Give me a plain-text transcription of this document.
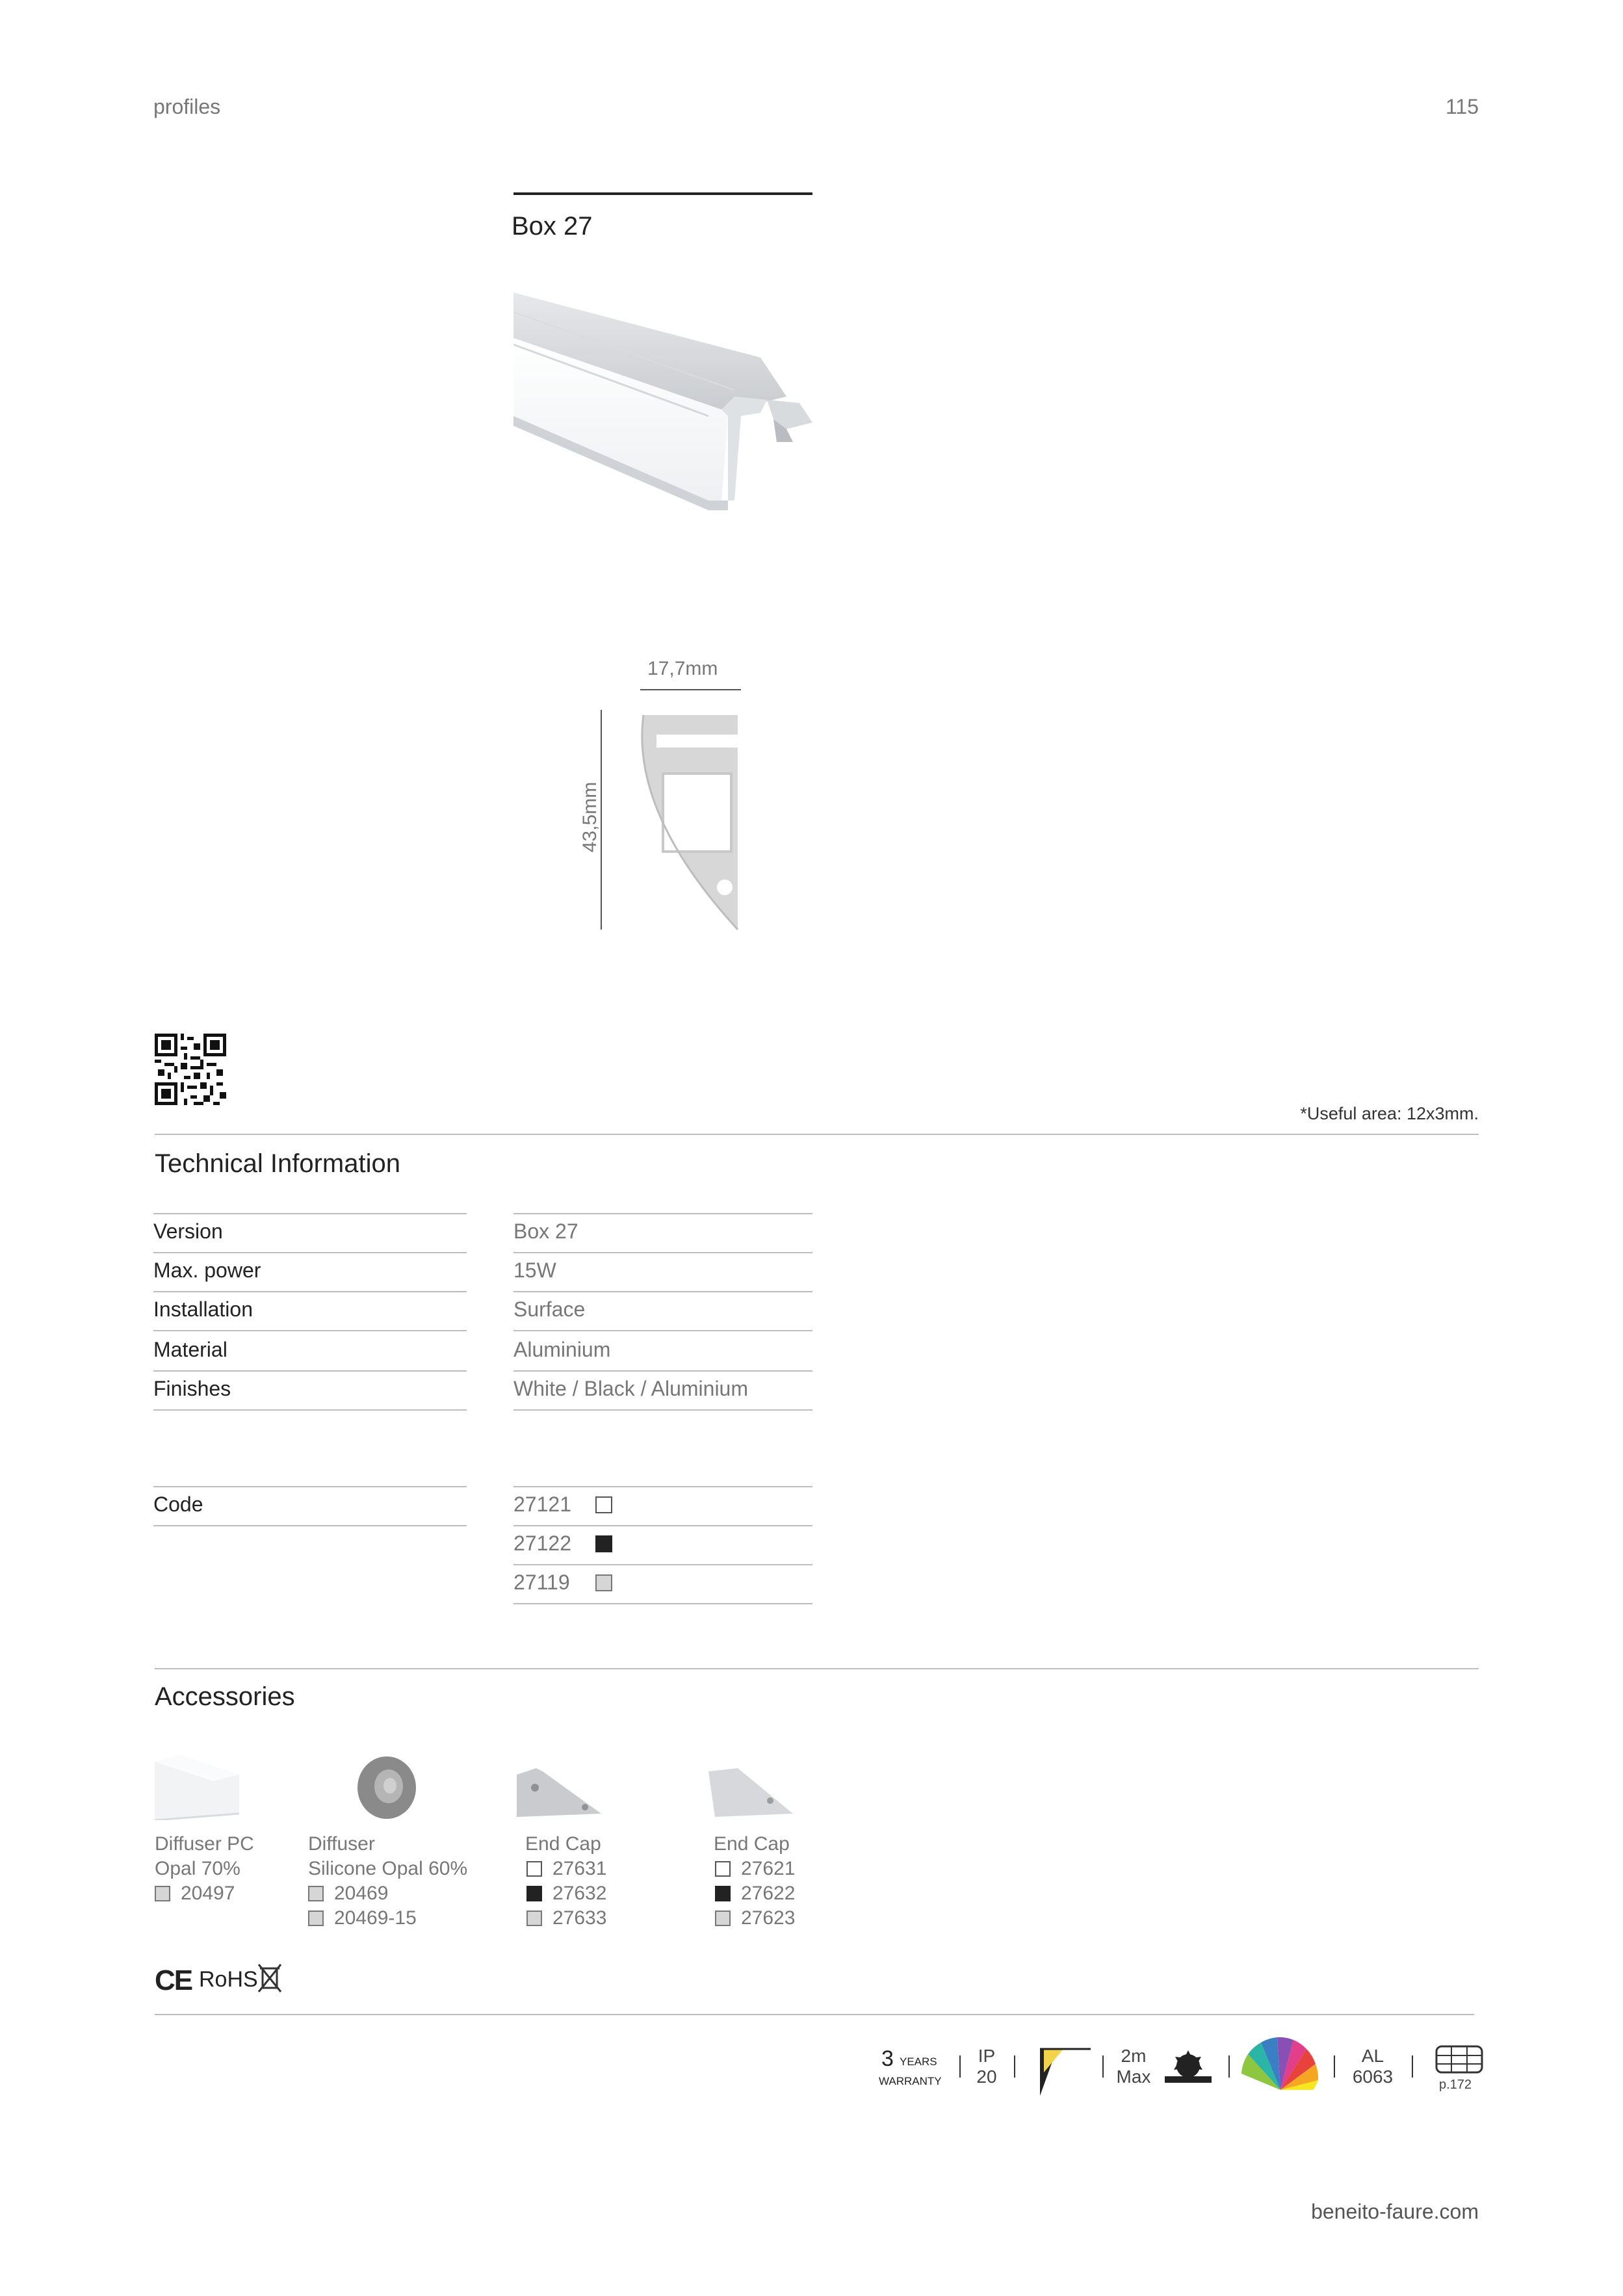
profiles	115
Box 27
17,7mm
43,5mm
*Useful area: 12x3mm.
Technical Information
Version	Box 27
Max. power	15W
Installation	Surface
Material	Aluminium
Finishes	White / Black / Aluminium
Code	27121
27122
27119
Accessories
Diffuser PC
Opal 70%
20497
Diffuser
Silicone Opal 60%
20469
20469-15
End Cap
27631
27632
27633
End Cap
27621
27622
27623
CE RoHS
3 YEARS
WARRANTY
IP
20
2m
Max
AL
6063	p.172
beneito-faure.com
